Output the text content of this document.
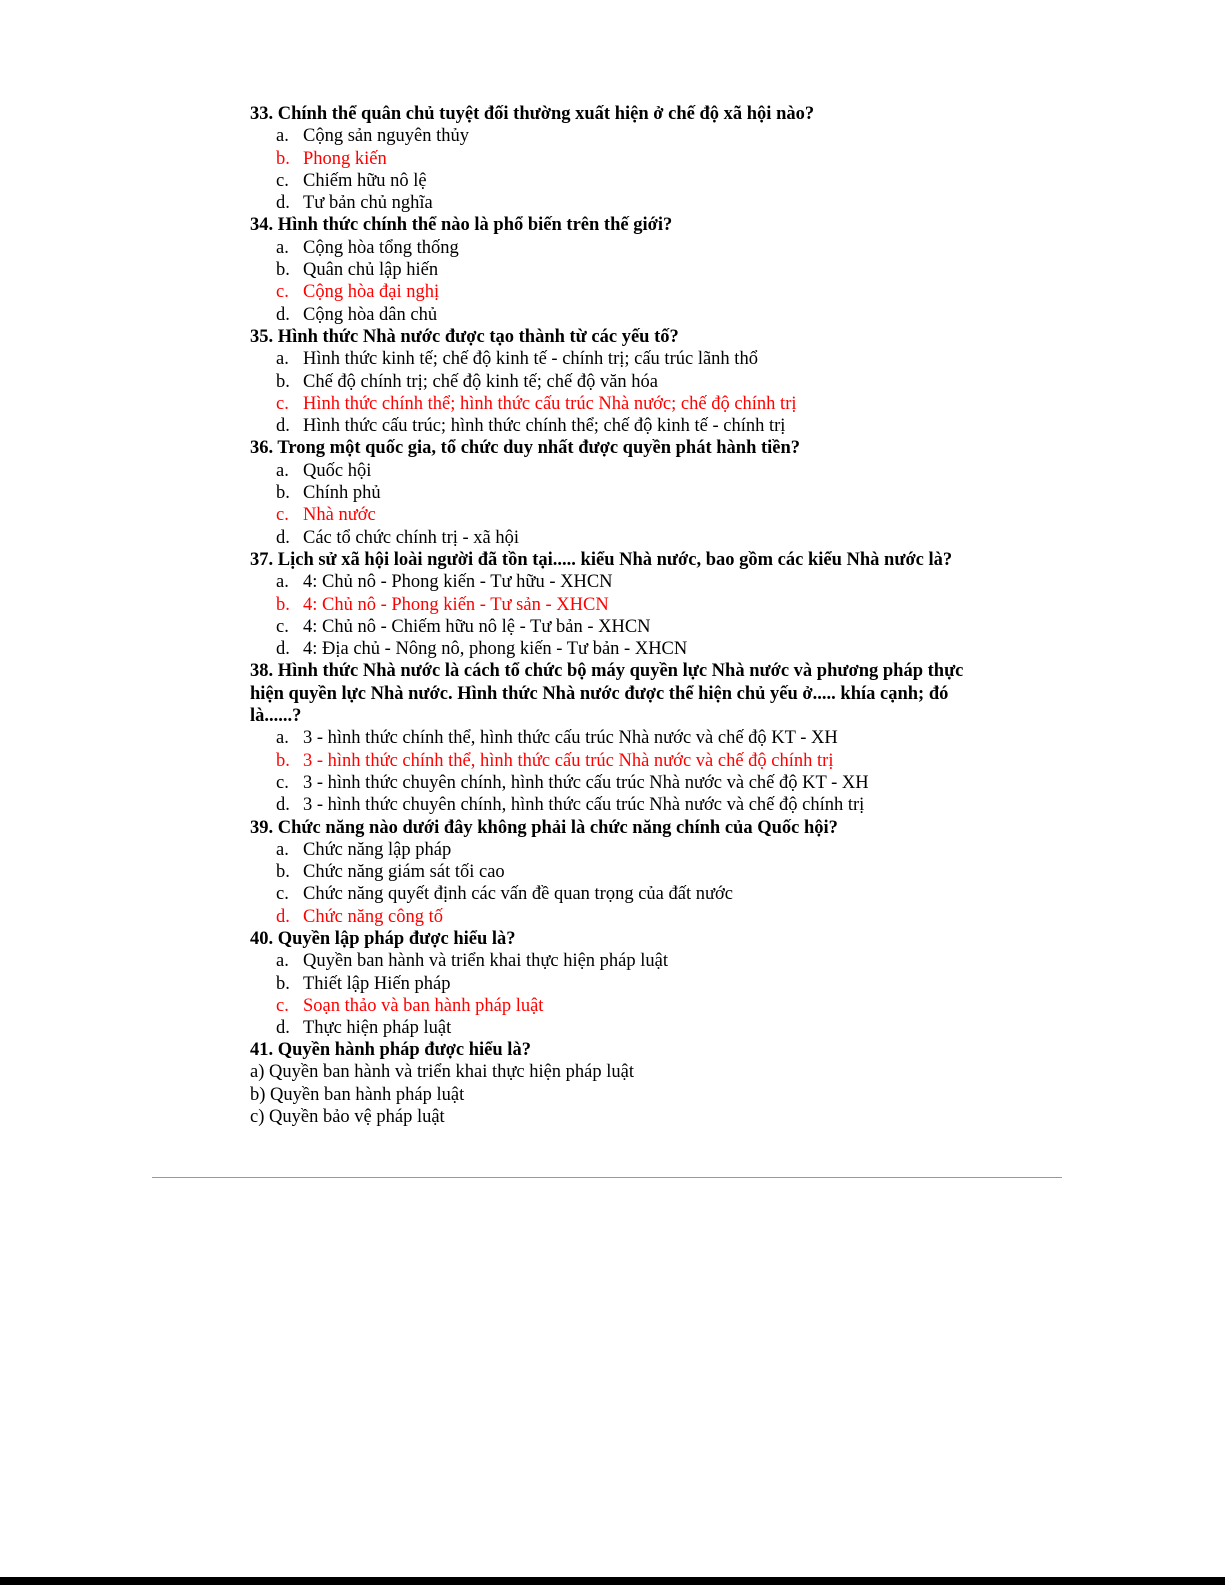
33. Chính thể quân chủ tuyệt đối thường xuất hiện ở chế độ xã hội nào?

a. Cộng sản nguyên thủy

b. Phong kiến

c. Chiếm hữu nô lệ

d. Tư bản chủ nghĩa

34. Hình thức chính thể nào là phổ biến trên thế giới?

a. Cộng hòa tổng thống

b. Quân chủ lập hiến

c. Cộng hòa đại nghị

d. Cộng hòa dân chủ

35. Hình thức Nhà nước được tạo thành từ các yếu tố?

a. Hình thức kinh tế; chế độ kinh tế - chính trị; cấu trúc lãnh thổ

b. Chế độ chính trị; chế độ kinh tế; chế độ văn hóa

c. Hình thức chính thể; hình thức cấu trúc Nhà nước; chế độ chính trị

d. Hình thức cấu trúc; hình thức chính thể; chế độ kinh tế - chính trị

36. Trong một quốc gia, tổ chức duy nhất được quyền phát hành tiền?

a. Quốc hội

b. Chính phủ

c. Nhà nước

d. Các tổ chức chính trị - xã hội

37. Lịch sử xã hội loài người đã tồn tại..... kiểu Nhà nước, bao gồm các kiểu Nhà nước là?

a. 4: Chủ nô - Phong kiến - Tư hữu - XHCN

b. 4: Chủ nô - Phong kiến - Tư sản - XHCN

c. 4: Chủ nô - Chiếm hữu nô lệ - Tư bản - XHCN

d. 4: Địa chủ - Nông nô, phong kiến - Tư bản - XHCN

38. Hình thức Nhà nước là cách tổ chức bộ máy quyền lực Nhà nước và phương pháp thực hiện quyền lực Nhà nước. Hình thức Nhà nước được thể hiện chủ yếu ở..... khía cạnh; đó là......?

a. 3 - hình thức chính thể, hình thức cấu trúc Nhà nước và chế độ KT - XH

b. 3 - hình thức chính thể, hình thức cấu trúc Nhà nước và chế độ chính trị

c. 3 - hình thức chuyên chính, hình thức cấu trúc Nhà nước và chế độ KT - XH

d. 3 - hình thức chuyên chính, hình thức cấu trúc Nhà nước và chế độ chính trị

39. Chức năng nào dưới đây không phải là chức năng chính của Quốc hội?

a. Chức năng lập pháp

b. Chức năng giám sát tối cao

c. Chức năng quyết định các vấn đề quan trọng của đất nước

d. Chức năng công tố

40. Quyền lập pháp được hiểu là?

a. Quyền ban hành và triển khai thực hiện pháp luật

b. Thiết lập Hiến pháp

c. Soạn thảo và ban hành pháp luật

d. Thực hiện pháp luật

41. Quyền hành pháp được hiểu là?

a) Quyền ban hành và triển khai thực hiện pháp luật

b) Quyền ban hành pháp luật

c) Quyền bảo vệ pháp luật
